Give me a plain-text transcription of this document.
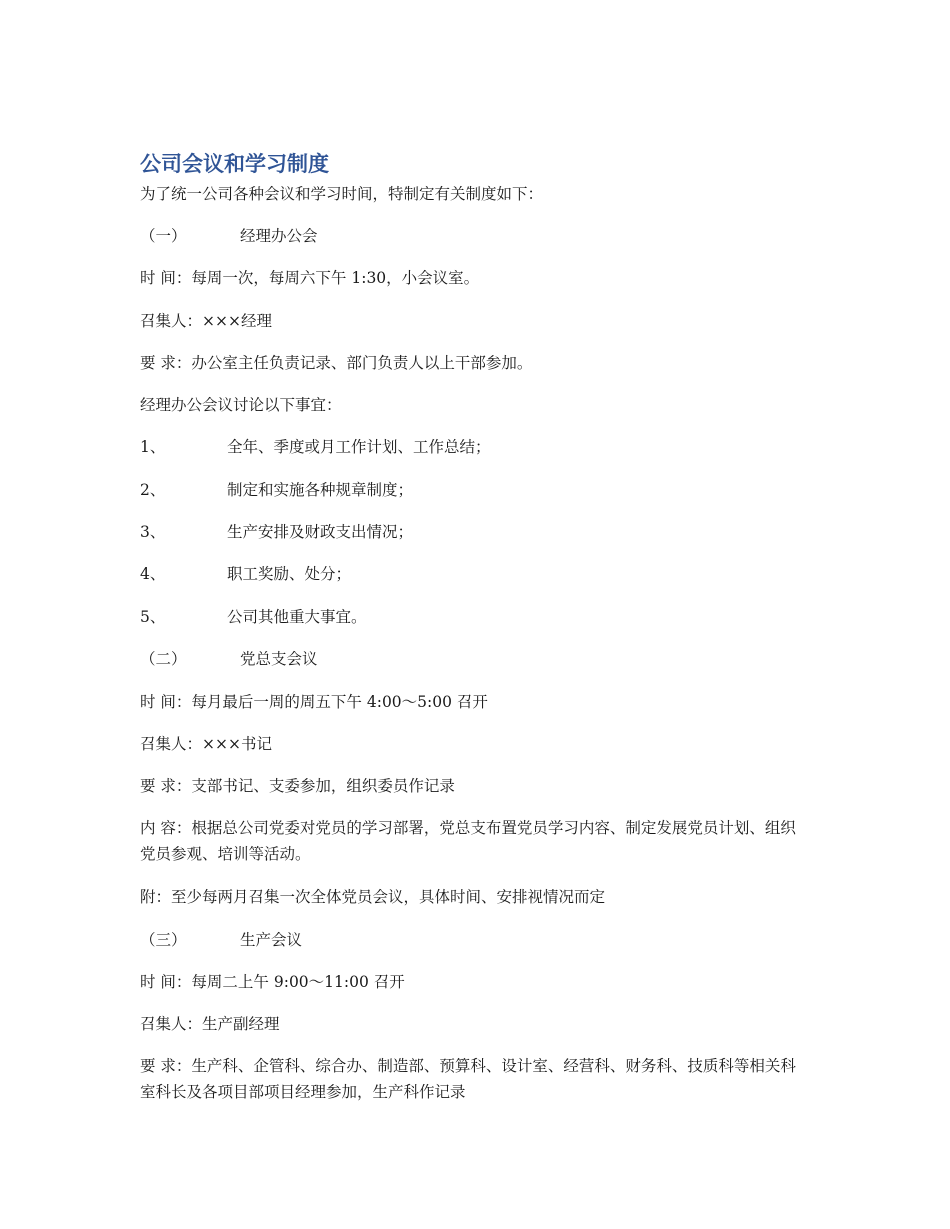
公司会议和学习制度
为了统一公司各种会议和学习时间，特制定有关制度如下：
（一）	经理办公会
时 间：每周一次，每周六下午 1:30，小会议室。
召集人：×××经理
要 求：办公室主任负责记录、部门负责人以上干部参加。
经理办公会议讨论以下事宜：
1、	全年、季度或月工作计划、工作总结；
2、	制定和实施各种规章制度；
3、	生产安排及财政支出情况；
4、	职工奖励、处分；
5、	公司其他重大事宜。
（二）	党总支会议
时 间：每月最后一周的周五下午 4:00～5:00 召开
召集人：×××书记
要 求：支部书记、支委参加，组织委员作记录
内 容：根据总公司党委对党员的学习部署，党总支布置党员学习内容、制定发展党员计划、组织党员参观、培训等活动。
附：至少每两月召集一次全体党员会议，具体时间、安排视情况而定
（三）	生产会议
时 间：每周二上午 9:00～11:00 召开
召集人：生产副经理
要 求：生产科、企管科、综合办、制造部、预算科、设计室、经营科、财务科、技质科等相关科室科长及各项目部项目经理参加，生产科作记录
